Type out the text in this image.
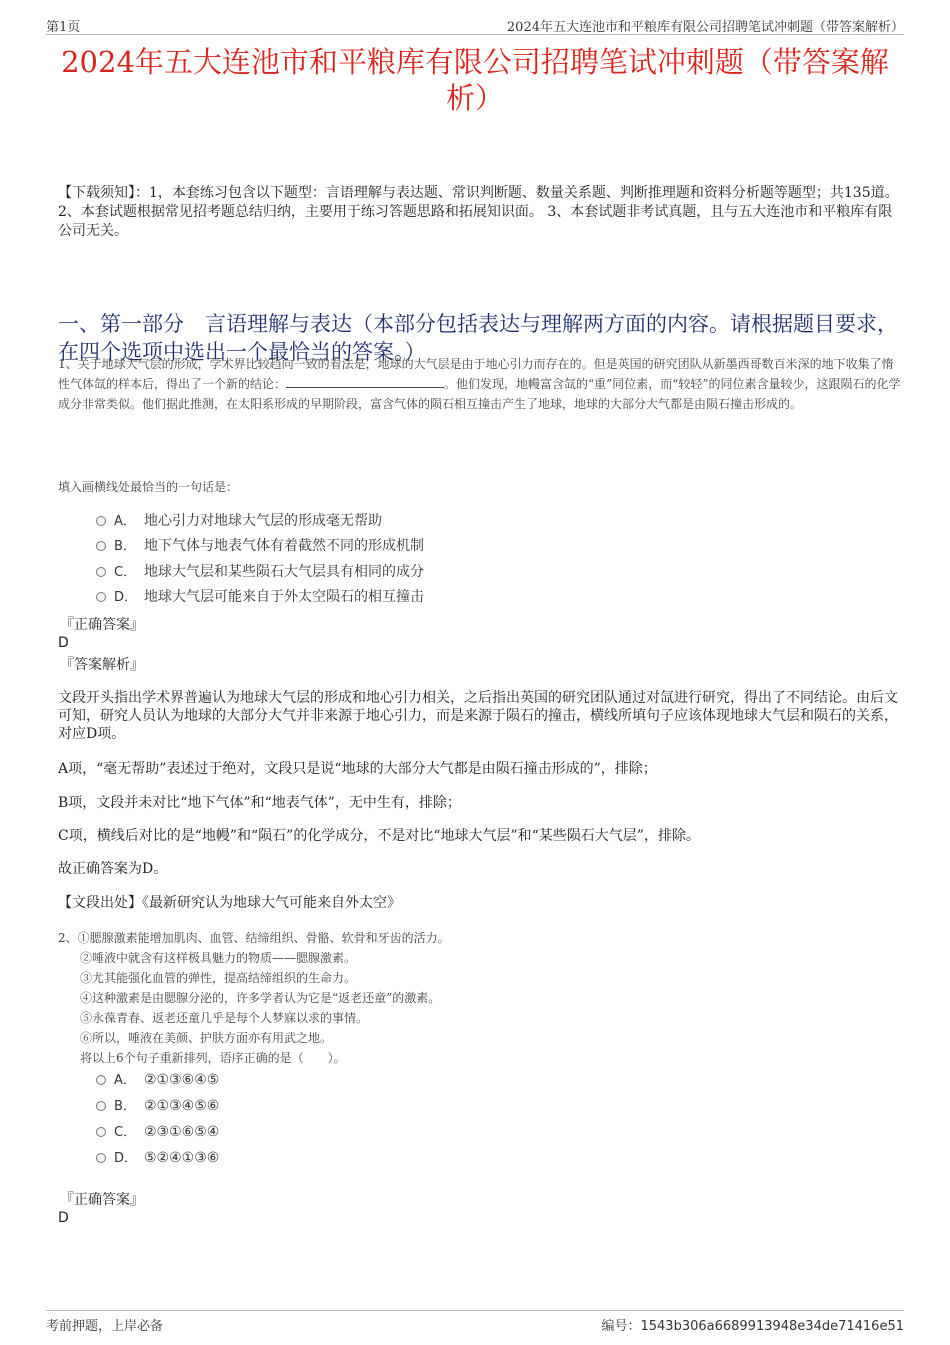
第1页	2024年五大连池市和平粮库有限公司招聘笔试冲刺题（带答案解析）
2024年五大连池市和平粮库有限公司招聘笔试冲刺题（带答案解析）
【下载须知】：1，本套练习包含以下题型：言语理解与表达题、常识判断题、数量关系题、判断推理题和资料分析题等题型；共135道。 2、本套试题根据常见招考题总结归纳，主要用于练习答题思路和拓展知识面。 3、本套试题非考试真题，且与五大连池市和平粮库有限公司无关。
一、第一部分　言语理解与表达（本部分包括表达与理解两方面的内容。请根据题目要求，在四个选项中选出一个最恰当的答案。）
1、关于地球大气层的形成，学术界比较趋向一致的看法是，地球的大气层是由于地心引力而存在的。但是英国的研究团队从新墨西哥数百米深的地下收集了惰性气体氙的样本后，得出了一个新的结论：	。他们发现，地幔富含氙的“重”同位素，而“较轻”的同位素含量较少，这跟陨石的化学成分非常类似。他们据此推测，在太阳系形成的早期阶段，富含气体的陨石相互撞击产生了地球，地球的大部分大气都是由陨石撞击形成的。
填入画横线处最恰当的一句话是：
A． 地心引力对地球大气层的形成毫无帮助
B． 地下气体与地表气体有着截然不同的形成机制
C． 地球大气层和某些陨石大气层具有相同的成分
D． 地球大气层可能来自于外太空陨石的相互撞击
『正确答案』
D
『答案解析』
文段开头指出学术界普遍认为地球大气层的形成和地心引力相关，之后指出英国的研究团队通过对氙进行研究，得出了不同结论。由后文可知，研究人员认为地球的大部分大气并非来源于地心引力，而是来源于陨石的撞击，横线所填句子应该体现地球大气层和陨石的关系，对应D项。
A项，“毫无帮助”表述过于绝对，文段只是说“地球的大部分大气都是由陨石撞击形成的”，排除；
B项，文段并未对比“地下气体”和“地表气体”，无中生有，排除；
C项，横线后对比的是“地幔”和“陨石”的化学成分，不是对比“地球大气层”和“某些陨石大气层”，排除。
故正确答案为D。
【文段出处】《最新研究认为地球大气可能来自外太空》
2、①腮腺激素能增加肌肉、血管、结缔组织、骨骼、软骨和牙齿的活力。
②唾液中就含有这样极具魅力的物质——腮腺激素。
③尤其能强化血管的弹性，提高结缔组织的生命力。
④这种激素是由腮腺分泌的，许多学者认为它是“返老还童”的激素。
⑤永葆青春、返老还童几乎是每个人梦寐以求的事情。
⑥所以，唾液在美颜、护肤方面亦有用武之地。
将以上6个句子重新排列，语序正确的是（　　）。
A． ②①③⑥④⑤
B． ②①③④⑤⑥
C． ②③①⑥⑤④
D． ⑤②④①③⑥
『正确答案』
D
考前押题，上岸必备	编号：1543b306a6689913948e34de71416e51
